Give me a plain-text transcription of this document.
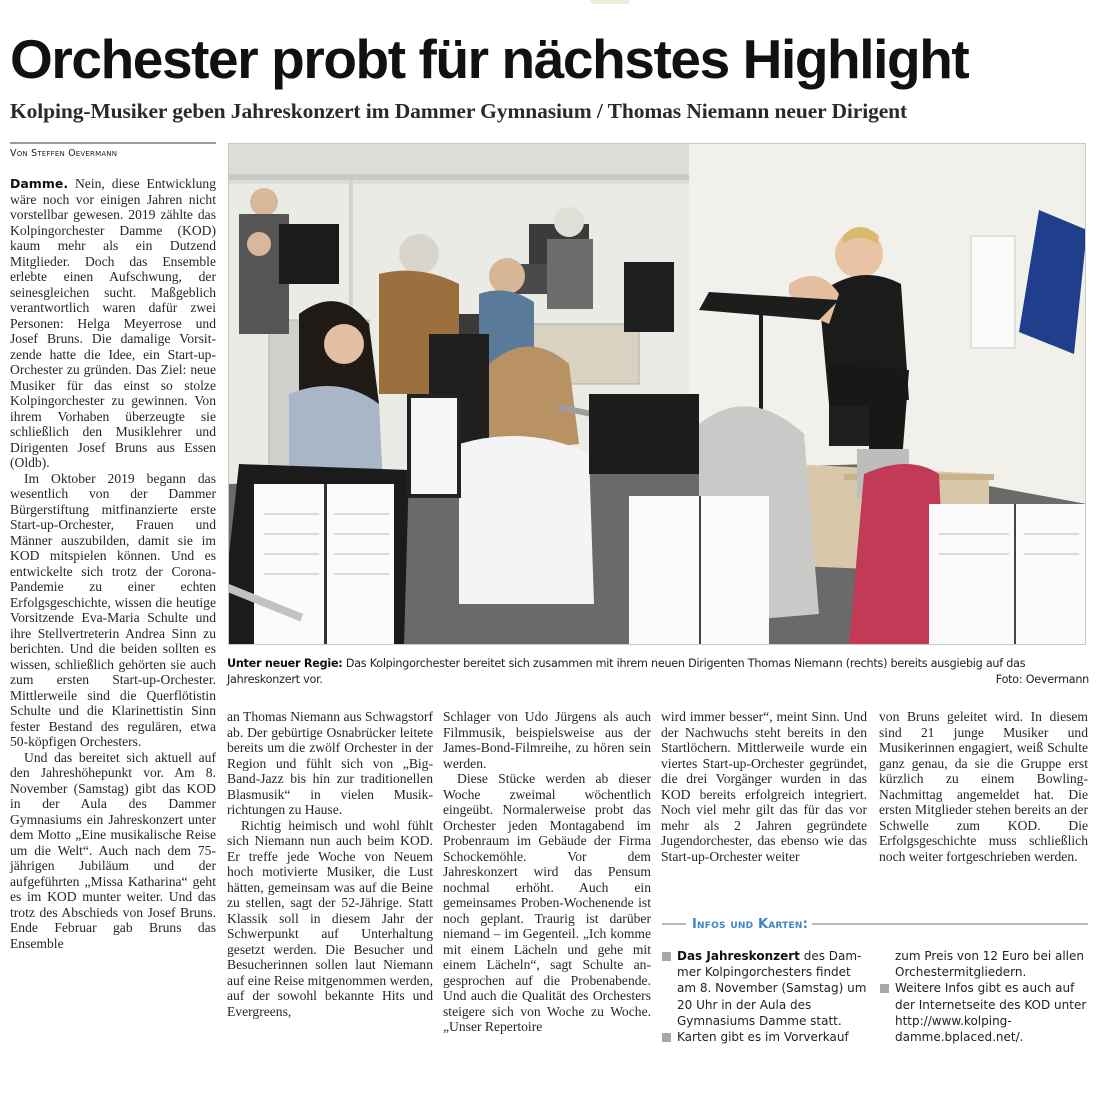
Orchester probt für nächstes Highlight
Kolping-Musiker geben Jahreskonzert im Dammer Gymnasium / Thomas Niemann neuer Dirigent
Von Steffen Oevermann

Damme. Nein, diese Entwicklung wäre noch vor einigen Jahren nicht vorstellbar gewesen. 2019 zählte das Kolpingorchester Damme (KOD) kaum mehr als ein Dutzend Mitglieder. Doch das Ensemble erlebte einen Aufschwung, der seinesgleichen sucht. Maßgeblich verantwortlich waren dafür zwei Personen: Helga Meyerrose und Josef Bruns. Die damalige Vorsitzende hatte die Idee, ein Start-up-Orchester zu gründen. Das Ziel: neue Musiker für das einst so stolze Kolpingorchester zu gewinnen. Von ihrem Vorhaben überzeugte sie schließlich den Musiklehrer und Dirigenten Josef Bruns aus Essen (Oldb).

Im Oktober 2019 begann das wesentlich von der Dammer Bürgerstiftung mitfinanzierte erste Start-up-Orchester, Frauen und Männer auszubilden, damit sie im KOD mitspielen können. Und es entwickelte sich trotz der Corona-Pandemie zu einer echten Erfolgsgeschichte, wissen die heutige Vorsitzende Eva-Maria Schulte und ihre Stellvertreterin Andrea Sinn zu berichten. Und die beiden sollten es wissen, schließlich gehörten sie auch zum ersten Start-up-Orchester. Mittlerweile sind die Querflötistin Schulte und die Klarinettistin Sinn fester Bestand des regulären, etwa 50-köpfigen Orchesters.

Und das bereitet sich aktuell auf den Jahreshöhepunkt vor. Am 8. November (Samstag) gibt das KOD in der Aula des Dammer Gymnasiums ein Jahreskonzert unter dem Motto „Eine musikalische Reise um die Welt“. Auch nach dem 75-jährigen Jubiläum und der aufgeführten „Missa Katharina“ geht es im KOD munter weiter. Und das trotz des Abschieds von Josef Bruns. Ende Februar gab Bruns das Ensemble

Unter neuer Regie: Das Kolpingorchester bereitet sich zusammen mit ihrem neuen Dirigenten Thomas Niemann (rechts) bereits ausgiebig auf das Jahreskonzert vor.	Foto: Oevermann

an Thomas Niemann aus Schwagstorf ab. Der gebürtige Osnabrücker leitete bereits um die zwölf Orchester in der Region und fühlt sich von „Big-Band-Jazz bis hin zur traditionellen Blasmusik“ in vielen Musikrichtungen zu Hause.

Richtig heimisch und wohl fühlt sich Niemann nun auch beim KOD. Er treffe jede Woche von Neuem hoch motivierte Musiker, die Lust hätten, gemeinsam was auf die Beine zu stellen, sagt der 52-Jährige. Statt Klassik soll in diesem Jahr der Schwerpunkt auf Unterhaltung gesetzt werden. Die Besucher und Besucherinnen sollen laut Niemann auf eine Reise mitgenommen werden, auf der sowohl bekannte Hits und Evergreens,

Schlager von Udo Jürgens als auch Filmmusik, beispielsweise aus der James-Bond-Filmreihe, zu hören sein werden.

Diese Stücke werden ab dieser Woche zweimal wöchentlich eingeübt. Normalerweise probt das Orchester jeden Montagabend im Probenraum im Gebäude der Firma Schockemöhle. Vor dem Jahreskonzert wird das Pensum nochmal erhöht. Auch ein gemeinsames Proben-Wochenende ist noch geplant. Traurig ist darüber niemand – im Gegenteil. „Ich komme mit einem Lächeln und gehe mit einem Lächeln“, sagt Schulte angesprochen auf die Probenabende. Und auch die Qualität des Orchesters steigere sich von Woche zu Woche. „Unser Repertoire

wird immer besser“, meint Sinn. Und der Nachwuchs steht bereits in den Startlöchern. Mittlerweile wurde ein viertes Start-up-Orchester gegründet, die drei Vorgänger wurden in das KOD bereits erfolgreich integriert. Noch viel mehr gilt das für das vor mehr als 2 Jahren gegründete Jugendorchester, das ebenso wie das Start-up-Orchester weiter

von Bruns geleitet wird. In diesem sind 21 junge Musiker und Musikerinnen engagiert, weiß Schulte ganz genau, da sie die Gruppe erst kürzlich zu einem Bowling-Nachmittag angemeldet hat. Die ersten Mitglieder stehen bereits an der Schwelle zum KOD. Die Erfolgsgeschichte muss schließlich noch weiter fortgeschrieben werden.

Infos und Karten:
Das Jahreskonzert des Dammer Kolpingorchesters findet am 8. November (Samstag) um 20 Uhr in der Aula des Gymnasiums Damme statt.
Karten gibt es im Vorverkauf
zum Preis von 12 Euro bei allen Orchestermitgliedern.
Weitere Infos gibt es auch auf der Internetseite des KOD unter http://www.kolping-damme.bplaced.net/.
